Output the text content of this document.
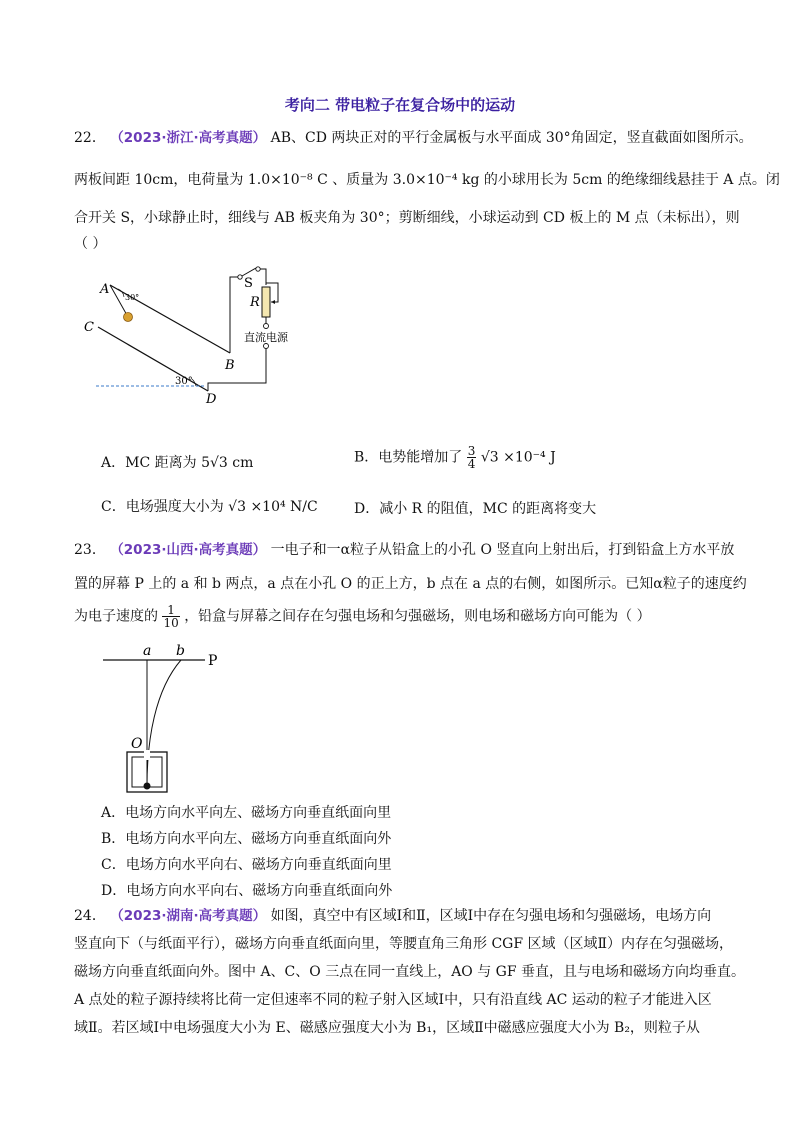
考向二 带电粒子在复合场中的运动
22． （2023·浙江·高考真题） AB、CD 两块正对的平行金属板与水平面成 30°角固定，竖直截面如图所示。
两板间距 10cm，电荷量为 1.0×10⁻⁸ C 、质量为 3.0×10⁻⁴ kg 的小球用长为 5cm 的绝缘细线悬挂于 A 点。闭
合开关 S，小球静止时，细线与 AB 板夹角为 30°；剪断细线，小球运动到 CD 板上的 M 点（未标出），则
（ ）
30°
30°
A
C
B
D
S
R
直流电源
A．MC 距离为 5√3 cm	B．电势能增加了 $\frac{3}{4} √3 \times 10^{-4}$ J
C．电场强度大小为 √3 ×10⁴ N/C	D．减小 R 的阻值，MC 的距离将变大
23． （2023·山西·高考真题） 一电子和一α粒子从铅盒上的小孔 O 竖直向上射出后，打到铅盒上方水平放
置的屏幕 P 上的 a 和 b 两点，a 点在小孔 O 的正上方，b 点在 a 点的右侧，如图所示。已知α粒子的速度约
为电子速度的 $\frac{1}{10}$ ，铅盒与屏幕之间存在匀强电场和匀强磁场，则电场和磁场方向可能为（ ）
a b
P
O
A．电场方向水平向左、磁场方向垂直纸面向里
B．电场方向水平向左、磁场方向垂直纸面向外
C．电场方向水平向右、磁场方向垂直纸面向里
D．电场方向水平向右、磁场方向垂直纸面向外
24． （2023·湖南·高考真题） 如图，真空中有区域Ⅰ和Ⅱ，区域Ⅰ中存在匀强电场和匀强磁场，电场方向
竖直向下（与纸面平行），磁场方向垂直纸面向里，等腰直角三角形 CGF 区域（区域Ⅱ）内存在匀强磁场，
磁场方向垂直纸面向外。图中 A、C、O 三点在同一直线上，AO 与 GF 垂直，且与电场和磁场方向均垂直。
A 点处的粒子源持续将比荷一定但速率不同的粒子射入区域Ⅰ中，只有沿直线 AC 运动的粒子才能进入区
域Ⅱ。若区域Ⅰ中电场强度大小为 E、磁感应强度大小为 B₁，区域Ⅱ中磁感应强度大小为 B₂，则粒子从
